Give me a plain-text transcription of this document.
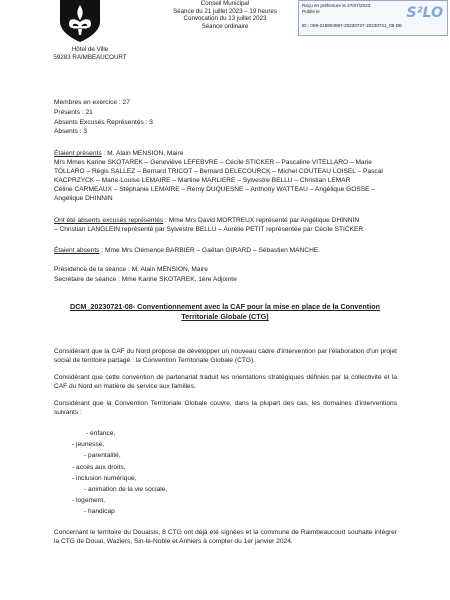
Hôtel de Ville
59283 RAIMBEAUCOURT
Conseil Municipal
Séance du 21 juillet 2023 – 19 heures
Convocation du 13 juillet 2023
Séance ordinaire
Reçu en préfecture le 27/07/2023
Publié le
ID : 059-215904897-20230727-20230721_08-DE
S²LO
Membres en exercice : 27
Présents : 21
Absents Excusés Représentés : 3
Absents : 3
Étaient présents : M. Alain MENSION, Maire
Mrs Mmes Karine SKOTAREK – Geneviève LEFEBVRE – Cécile STICKER – Pascaline VITELLARO – Marie
TOLLARO – Régis SALLEZ – Bernard TRICOT – Bernard DELECOURCK – Michel COUTEAU LOISEL – Pascal
KACPRZYCK – Marie-Louise LEMAIRE – Martine MARLIERE – Sylvestre BELLU – Christian LEMAR
Céline CARMEAUX – Stéphanie LEMAIRE – Rémy DUQUESNE – Anthony WATTEAU – Angélique GOSSE –
Angélique DHINNIN
Ont été absents excusés représentés : Mme Mrs David MORTREUX représenté par Angélique DHINNIN
– Christian LANGLEIN représenté par Sylvestre BELLU – Aurélie PETIT représentée par Cécile STICKER
Étaient absents : Mme Mrs Clémence BARBIER – Gaëtan GIRARD – Sébastien MANCHE.
Présidence de la séance : M. Alain MENSION, Maire
Secrétaire de séance : Mme Karine SKOTAREK, 1ère Adjointe
DCM_20230721-08- Conventionnement avec la CAF pour la mise en place de la Convention
Territoriale Globale (CTG)
Considérant que la CAF du Nord propose de développer un nouveau cadre d'intervention par l'élaboration d'un projet social de territoire partagé : la Convention Territoriale Globale (CTG).
Considérant que cette convention de partenariat traduit les orientations stratégiques définies par la collectivité et la CAF du Nord en matière de service aux familles.
Considérant que la Convention Territoriale Globale couvre, dans la plupart des cas, les domaines d'interventions suivants :
- enfance,
- jeunesse,
- parentalité,
- accès aux droits,
- inclusion numérique,
- animation de la vie sociale,
- logement,
- handicap
Concernant le territoire du Douaisis, 8 CTG ont déjà été signées et la commune de Raimbeaucourt souhaite intégrer la CTG de Douai, Waziers, Sin-le-Noble et Anhiers à compter du 1er janvier 2024.
